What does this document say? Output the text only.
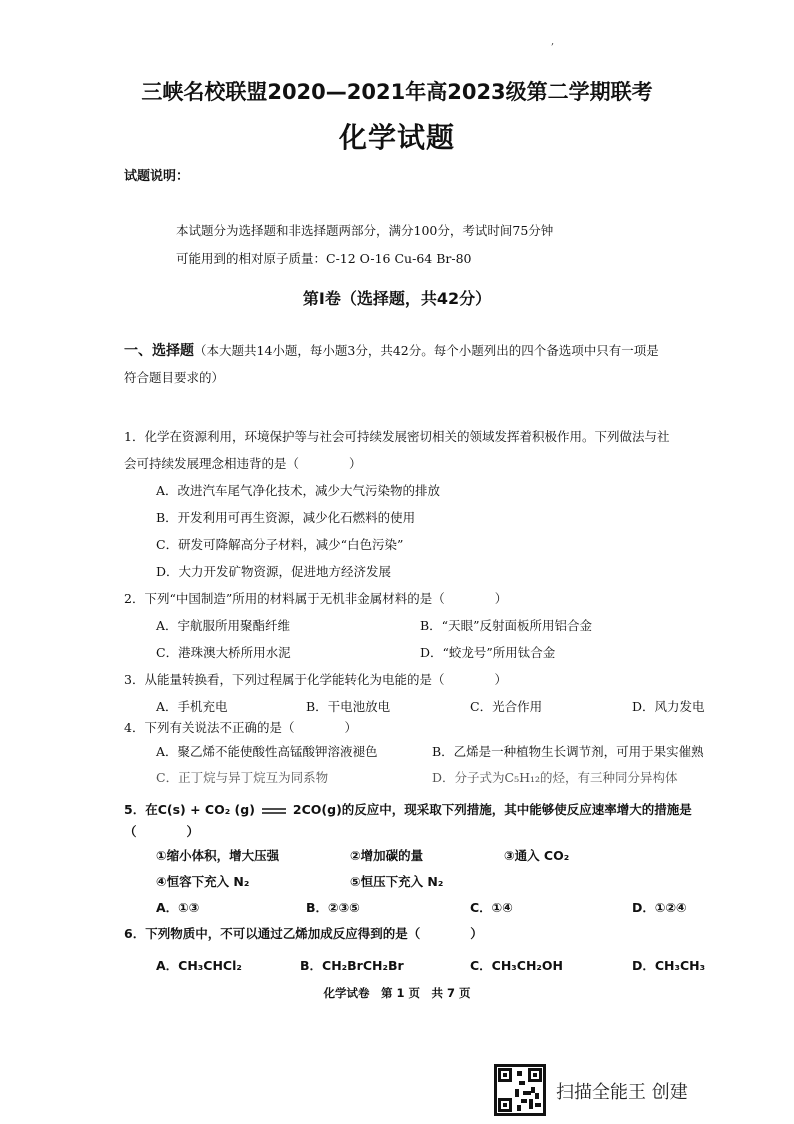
,
三峡名校联盟2020—2021年高2023级第二学期联考
化学试题
试题说明：
本试题分为选择题和非选择题两部分，满分100分，考试时间75分钟
可能用到的相对原子质量：C-12 O-16 Cu-64 Br-80
第Ⅰ卷（选择题，共42分）
一、选择题（本大题共14小题，每小题3分，共42分。每个小题列出的四个备选项中只有一项是
符合题目要求的）
1．化学在资源利用，环境保护等与社会可持续发展密切相关的领域发挥着积极作用。下列做法与社
会可持续发展理念相违背的是（　　　　）
A．改进汽车尾气净化技术，减少大气污染物的排放
B．开发利用可再生资源，减少化石燃料的使用
C．研发可降解高分子材料，减少“白色污染”
D．大力开发矿物资源，促进地方经济发展
2．下列“中国制造”所用的材料属于无机非金属材料的是（　　　　）
A．宇航服所用聚酯纤维	B．“天眼”反射面板所用铝合金
C．港珠澳大桥所用水泥	D．“蛟龙号”所用钛合金
3．从能量转换看，下列过程属于化学能转化为电能的是（　　　　）
A．手机充电	B．干电池放电	C．光合作用	D．风力发电
4．下列有关说法不正确的是（　　　　）
A．聚乙烯不能使酸性高锰酸钾溶液褪色	B．乙烯是一种植物生长调节剂，可用于果实催熟
C．正丁烷与异丁烷互为同系物	D．分子式为C₅H₁₂的烃，有三种同分异构体
5．在C(s) + CO₂ (g)	2CO(g)的反应中，现采取下列措施，其中能够使反应速率增大的措施是
（　　　　）
①缩小体积，增大压强	②增加碳的量	③通入 CO₂
④恒容下充入 N₂	⑤恒压下充入 N₂
A．①③	B．②③⑤	C．①④	D．①②④
6．下列物质中，不可以通过乙烯加成反应得到的是（　　　　）
化学试卷　第 1 页　共 7 页
扫描全能王 创建
A．CH₃CHCl₂	B．CH₂BrCH₂Br	C．CH₃CH₂OH	D．CH₃CH₃
